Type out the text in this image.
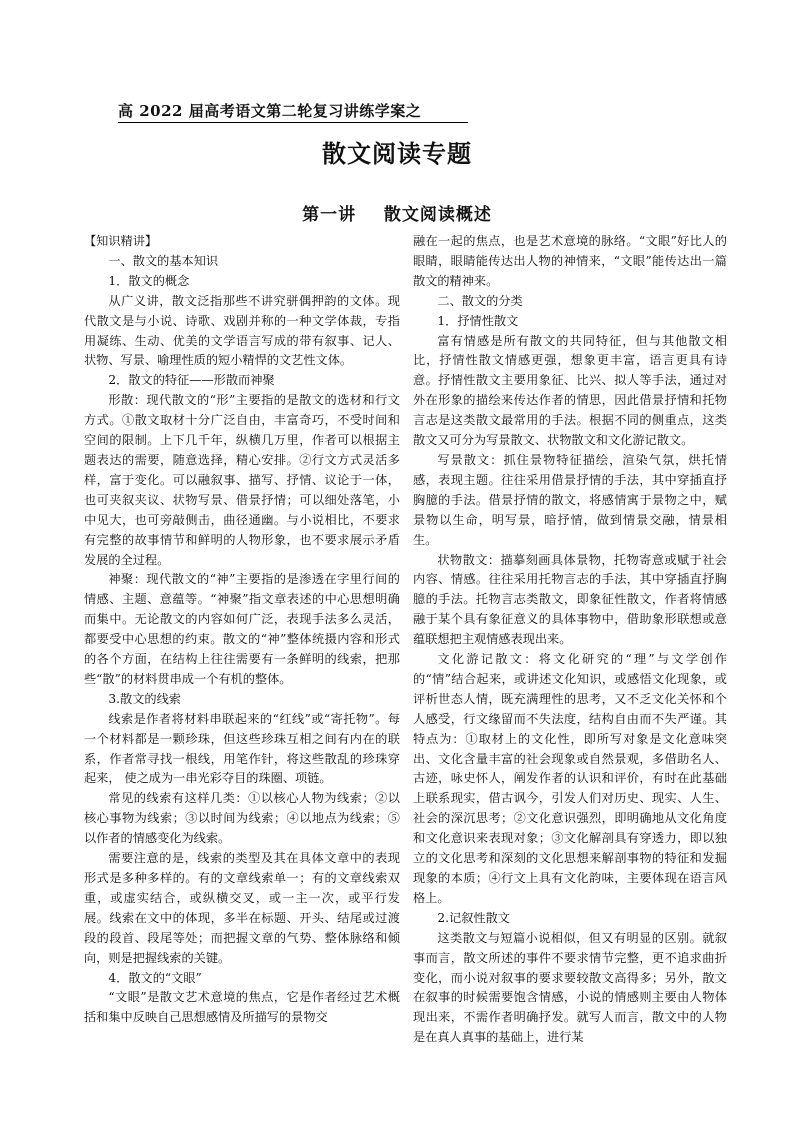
高 2022 届高考语文第二轮复习讲练学案之
散文阅读专题
第一讲    散文阅读概述

【知识精讲】

一、散文的基本知识

1．散文的概念

从广义讲，散文泛指那些不讲究骈偶押韵的文体。现代散文是与小说、诗歌、戏剧并称的一种文学体裁，专指用凝练、生动、优美的文学语言写成的带有叙事、记人、状物、写景、喻理性质的短小精悍的文艺性文体。

2．散文的特征——形散而神聚

形散：现代散文的“形”主要指的是散文的选材和行文方式。①散文取材十分广泛自由，丰富奇巧，不受时间和空间的限制。上下几千年，纵横几万里，作者可以根据主题表达的需要，随意选择，精心安排。②行文方式灵活多样，富于变化。可以融叙事、描写、抒情、议论于一体，也可夹叙夹议、状物写景、借景抒情；可以细处落笔，小中见大，也可旁敲侧击，曲径通幽。与小说相比，不要求有完整的故事情节和鲜明的人物形象，也不要求展示矛盾发展的全过程。

神聚：现代散文的“神”主要指的是渗透在字里行间的情感、主题、意蕴等。“神聚”指文章表述的中心思想明确而集中。无论散文的内容如何广泛，表现手法多么灵活，都要受中心思想的约束。散文的“神”整体统摄内容和形式的各个方面，在结构上往往需要有一条鲜明的线索，把那些“散”的材料贯串成一个有机的整体。

3.散文的线索

线索是作者将材料串联起来的“红线”或“寄托物”。每一个材料都是一颗珍珠，但这些珍珠互相之间有内在的联系，作者常寻找一根线，用笔作针，将这些散乱的珍珠穿起来， 使之成为一串光彩夺目的珠圈、项链。

常见的线索有这样几类：①以核心人物为线索；②以核心事物为线索；③以时间为线索；④以地点为线索；⑤以作者的情感变化为线索。

需要注意的是，线索的类型及其在具体文章中的表现形式是多种多样的。有的文章线索单一；有的文章线索双重，或虚实结合，或纵横交叉，或一主一次，或平行发展。线索在文中的体现，多半在标题、开头、结尾或过渡段的段首、段尾等处；而把握文章的气势、整体脉络和倾向，则是把握线索的关键。

4．散文的“文眼”

“文眼”是散文艺术意境的焦点，它是作者经过艺术概括和集中反映自己思想感情及所描写的景物交

融在一起的焦点，也是艺术意境的脉络。“文眼”好比人的眼睛，眼睛能传达出人物的神情来，“文眼”能传达出一篇散文的精神来。

二、散文的分类

1．抒情性散文

富有情感是所有散文的共同特征，但与其他散文相比，抒情性散文情感更强，想象更丰富，语言更具有诗意。抒情性散文主要用象征、比兴、拟人等手法，通过对外在形象的描绘来传达作者的情思，因此借景抒情和托物言志是这类散文最常用的手法。根据不同的侧重点，这类散文又可分为写景散文、状物散文和文化游记散文。

写景散文：抓住景物特征描绘，渲染气氛，烘托情感，表现主题。往往采用借景抒情的手法，其中穿插直抒胸臆的手法。借景抒情的散文，将感情寓于景物之中，赋景物以生命，明写景，暗抒情，做到情景交融，情景相生。

状物散文：描摹刻画具体景物，托物寄意或赋于社会内容、情感。往往采用托物言志的手法，其中穿插直抒胸臆的手法。托物言志类散文，即象征性散文，作者将情感融于某个具有象征意义的具体事物中，借助象形联想或意蕴联想把主观情感表现出来。

文化游记散文：将文化研究的“理”与文学创作的“情”结合起来，或讲述文化知识，或感悟文化现象，或评析世态人情，既充满理性的思考，又不乏文化关怀和个人感受，行文缘留而不失法度，结构自由而不失严谨。其特点为：①取材上的文化性，即所写对象是文化意味突出、文化含量丰富的社会现象或自然景观，多借助名人、古迹，咏史怀人，阐发作者的认识和评价，有时在此基础上联系现实，借古讽今，引发人们对历史、现实、人生、社会的深沉思考；②文化意识强烈，即明确地从文化角度和文化意识来表现对象；③文化解剖具有穿透力，即以独立的文化思考和深刻的文化思想来解剖事物的特征和发掘现象的本质；④行文上具有文化韵味，主要体现在语言风格上。

2.记叙性散文

这类散文与短篇小说相似，但又有明显的区别。就叙事而言，散文所述的事件不要求情节完整，更不追求曲折变化，而小说对叙事的要求要较散文高得多；另外，散文在叙事的时候需要饱含情感，小说的情感则主要由人物体现出来，不需作者明确抒发。就写人而言，散文中的人物是在真人真事的基础上，进行某
